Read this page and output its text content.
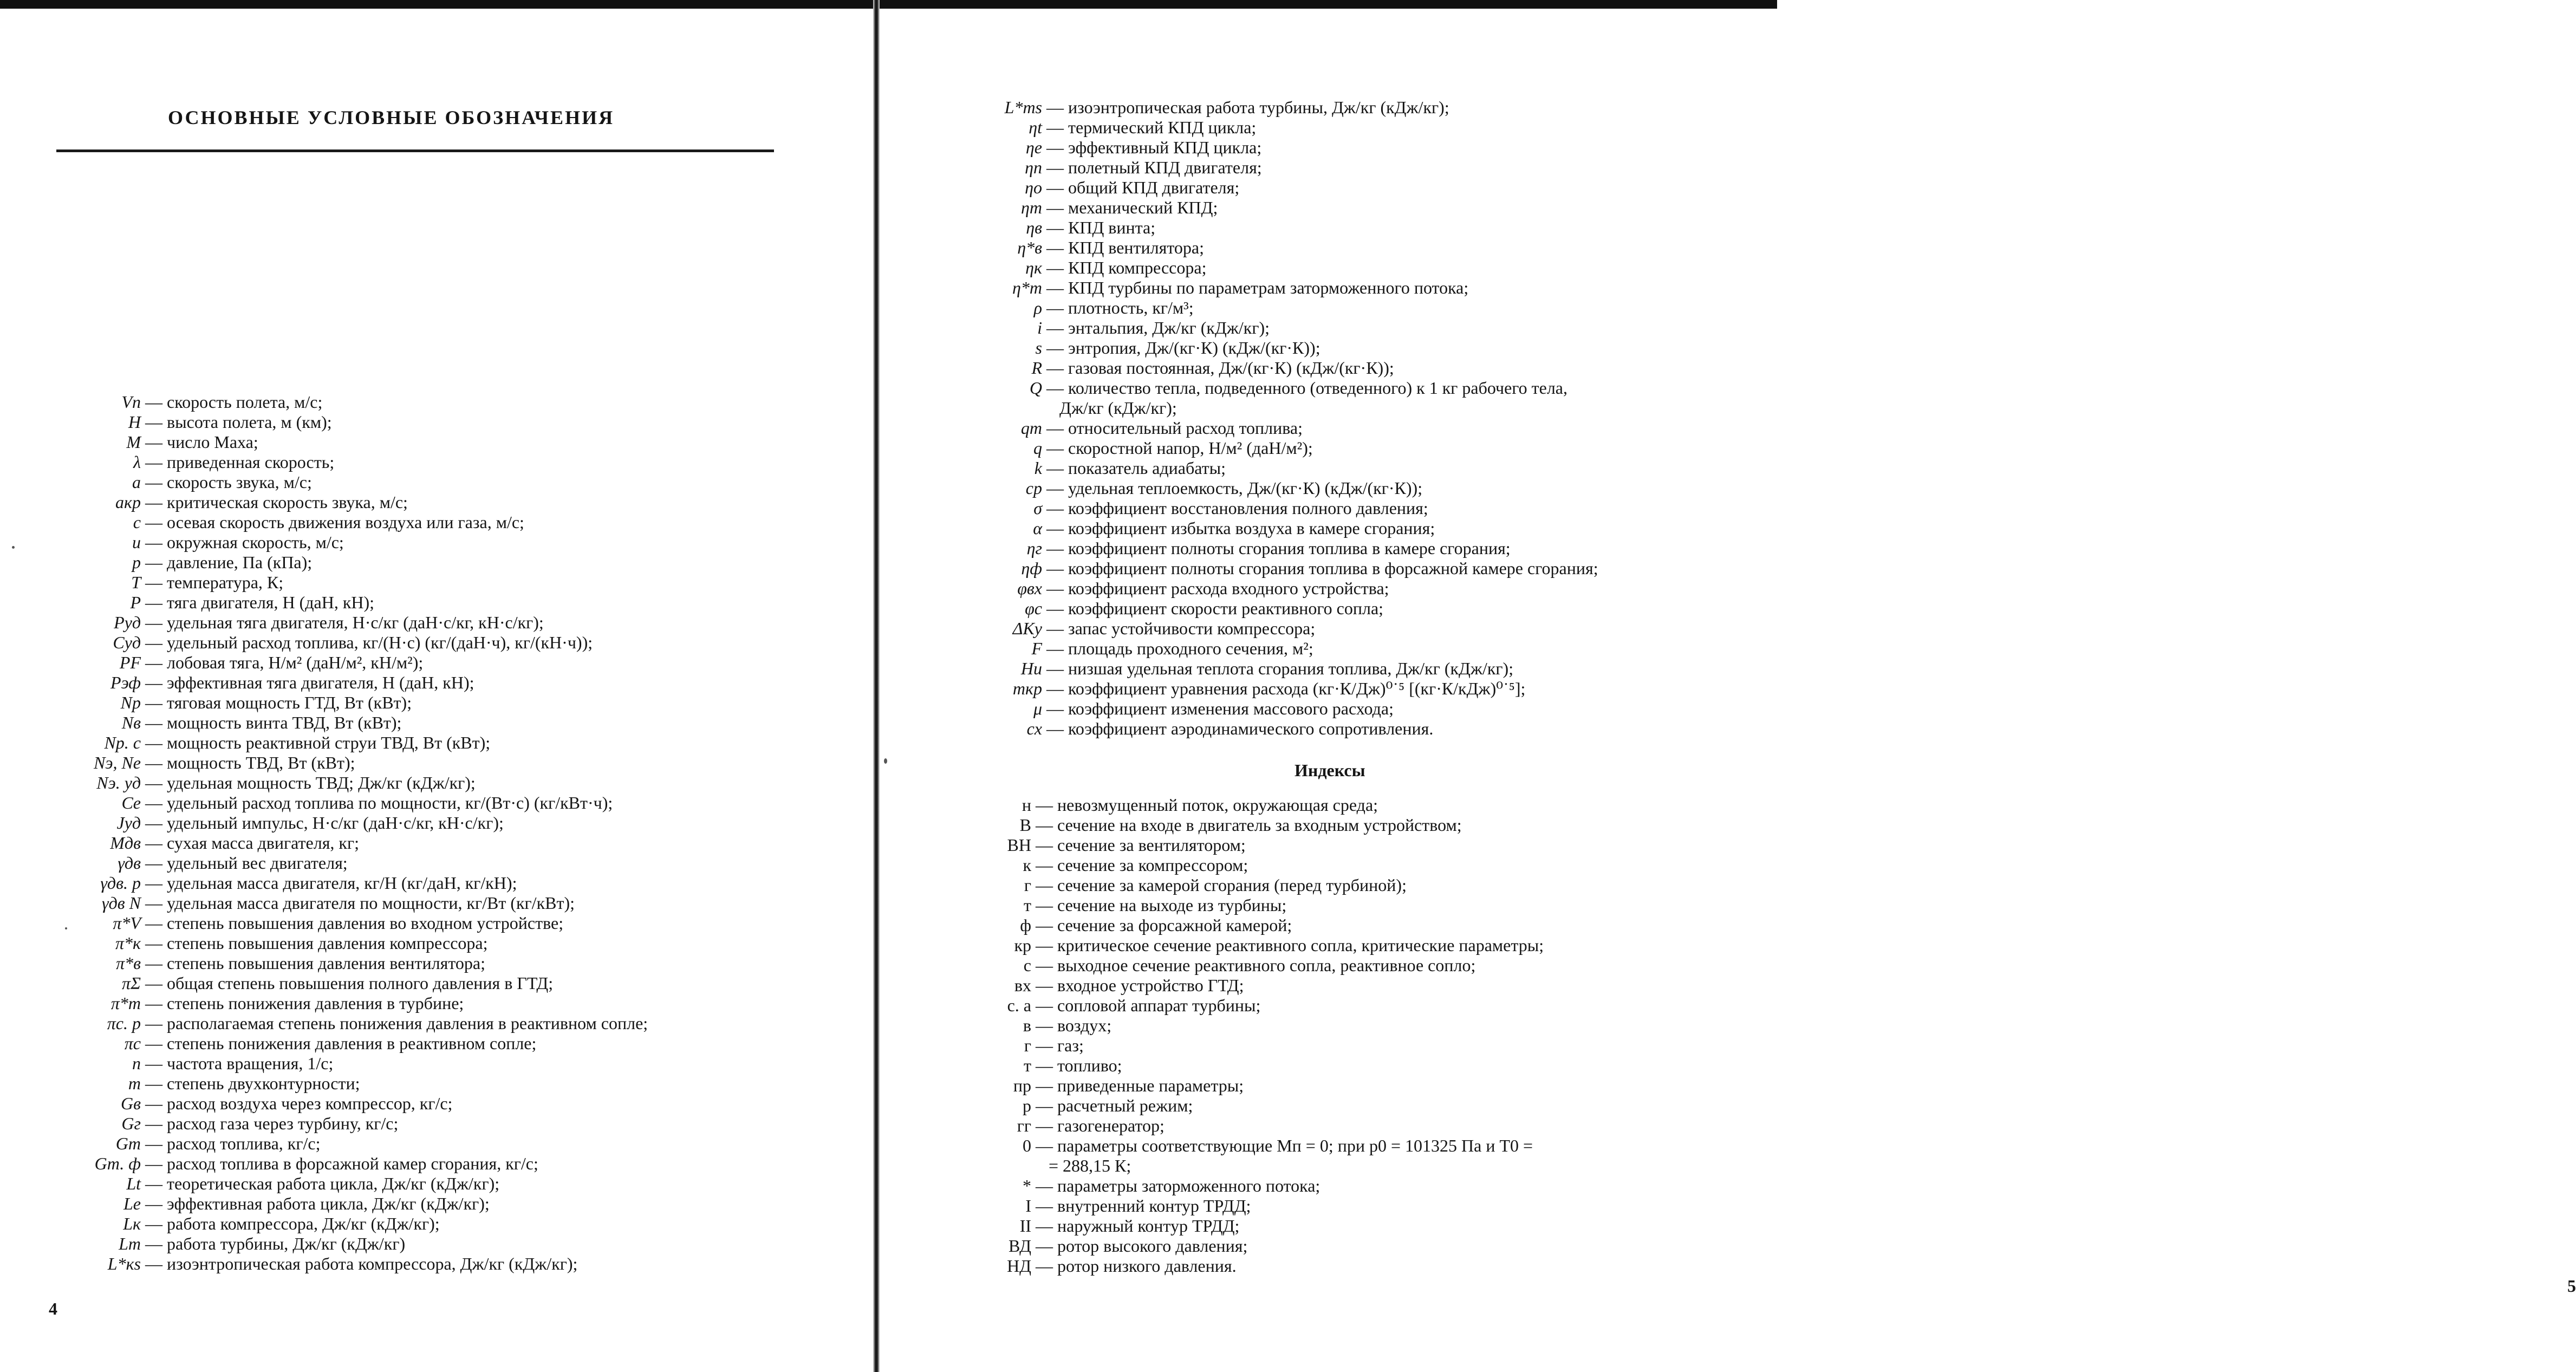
ОСНОВНЫЕ УСЛОВНЫЕ ОБОЗНАЧЕНИЯ
Vп — скорость полета, м/с;
H — высота полета, м (км);
M — число Маха;
λ — приведенная скорость;
a — скорость звука, м/с;
aкр — критическая скорость звука, м/с;
c — осевая скорость движения воздуха или газа, м/с;
u — окружная скорость, м/с;
p — давление, Па (кПа);
T — температура, К;
P — тяга двигателя, Н (даН, кН);
Pуд — удельная тяга двигателя, Н·с/кг (даН·с/кг, кН·с/кг);
Cуд — удельный расход топлива, кг/(Н·с) (кг/(даН·ч), кг/(кН·ч));
PF — лобовая тяга, Н/м² (даН/м², кН/м²);
Pэф — эффективная тяга двигателя, Н (даН, кН);
Nр — тяговая мощность ГТД, Вт (кВт);
Nв — мощность винта ТВД, Вт (кВт);
Nр. с — мощность реактивной струи ТВД, Вт (кВт);
Nэ, Ne — мощность ТВД, Вт (кВт);
Nэ. уд — удельная мощность ТВД; Дж/кг (кДж/кг);
Ce — удельный расход топлива по мощности, кг/(Вт·с) (кг/кВт·ч);
Jуд — удельный импульс, Н·с/кг (даН·с/кг, кН·с/кг);
Mдв — сухая масса двигателя, кг;
γдв — удельный вес двигателя;
γдв. р — удельная масса двигателя, кг/Н (кг/даН, кг/кН);
γдв N — удельная масса двигателя по мощности, кг/Вт (кг/кВт);
π*V — степень повышения давления во входном устройстве;
π*к — степень повышения давления компрессора;
π*в — степень повышения давления вентилятора;
πΣ — общая степень повышения полного давления в ГТД;
π*т — степень понижения давления в турбине;
πс. р — располагаемая степень понижения давления в реактивном сопле;
πс — степень понижения давления в реактивном сопле;
n — частота вращения, 1/с;
m — степень двухконтурности;
Gв — расход воздуха через компрессор, кг/с;
Gг — расход газа через турбину, кг/с;
Gт — расход топлива, кг/с;
Gт. ф — расход топлива в форсажной камер сгорания, кг/с;
Lt — теоретическая работа цикла, Дж/кг (кДж/кг);
Le — эффективная работа цикла, Дж/кг (кДж/кг);
Lк — работа компрессора, Дж/кг (кДж/кг);
Lт — работа турбины, Дж/кг (кДж/кг)
L*кs — изоэнтропическая работа компрессора, Дж/кг (кДж/кг);
4
L*тs — изоэнтропическая работа турбины, Дж/кг (кДж/кг);
ηt — термический КПД цикла;
ηe — эффективный КПД цикла;
ηп — полетный КПД двигателя;
ηо — общий КПД двигателя;
ηm — механический КПД;
ηв — КПД винта;
η*в — КПД вентилятора;
ηк — КПД компрессора;
η*т — КПД турбины по параметрам заторможенного потока;
ρ — плотность, кг/м³;
i — энтальпия, Дж/кг (кДж/кг);
s — энтропия, Дж/(кг·К) (кДж/(кг·К));
R — газовая постоянная, Дж/(кг·К) (кДж/(кг·К));
Q — количество тепла, подведенного (отведенного) к 1 кг рабочего тела,
Дж/кг (кДж/кг);
qт — относительный расход топлива;
q — скоростной напор, Н/м² (даН/м²);
k — показатель адиабаты;
cp — удельная теплоемкость, Дж/(кг·К) (кДж/(кг·К));
σ — коэффициент восстановления полного давления;
α — коэффициент избытка воздуха в камере сгорания;
ηг — коэффициент полноты сгорания топлива в камере сгорания;
ηф — коэффициент полноты сгорания топлива в форсажной камере сгорания;
φвх — коэффициент расхода входного устройства;
φс — коэффициент скорости реактивного сопла;
ΔKу — запас устойчивости компрессора;
F — площадь проходного сечения, м²;
Hu — низшая удельная теплота сгорания топлива, Дж/кг (кДж/кг);
mкр — коэффициент уравнения расхода (кг·К/Дж)⁰˙⁵ [(кг·К/кДж)⁰˙⁵];
μ — коэффициент изменения массового расхода;
cx — коэффициент аэродинамического сопротивления.
н — невозмущенный поток, окружающая среда;
В — сечение на входе в двигатель за входным устройством;
ВН — сечение за вентилятором;
к — сечение за компрессором;
г — сечение за камерой сгорания (перед турбиной);
т — сечение на выходе из турбины;
ф — сечение за форсажной камерой;
кр — критическое сечение реактивного сопла, критические параметры;
с — выходное сечение реактивного сопла, реактивное сопло;
вх — входное устройство ГТД;
с. а — сопловой аппарат турбины;
в — воздух;
г — газ;
т — топливо;
пр — приведенные параметры;
р — расчетный режим;
гг — газогенератор;
0 — параметры соответствующие Mп = 0; при p0 = 101325 Па и T0 =
= 288,15 К;
* — параметры заторможенного потока;
I — внутренний контур ТРДД;
II — наружный контур ТРДД;
ВД — ротор высокого давления;
НД — ротор низкого давления.
5
Индексы
